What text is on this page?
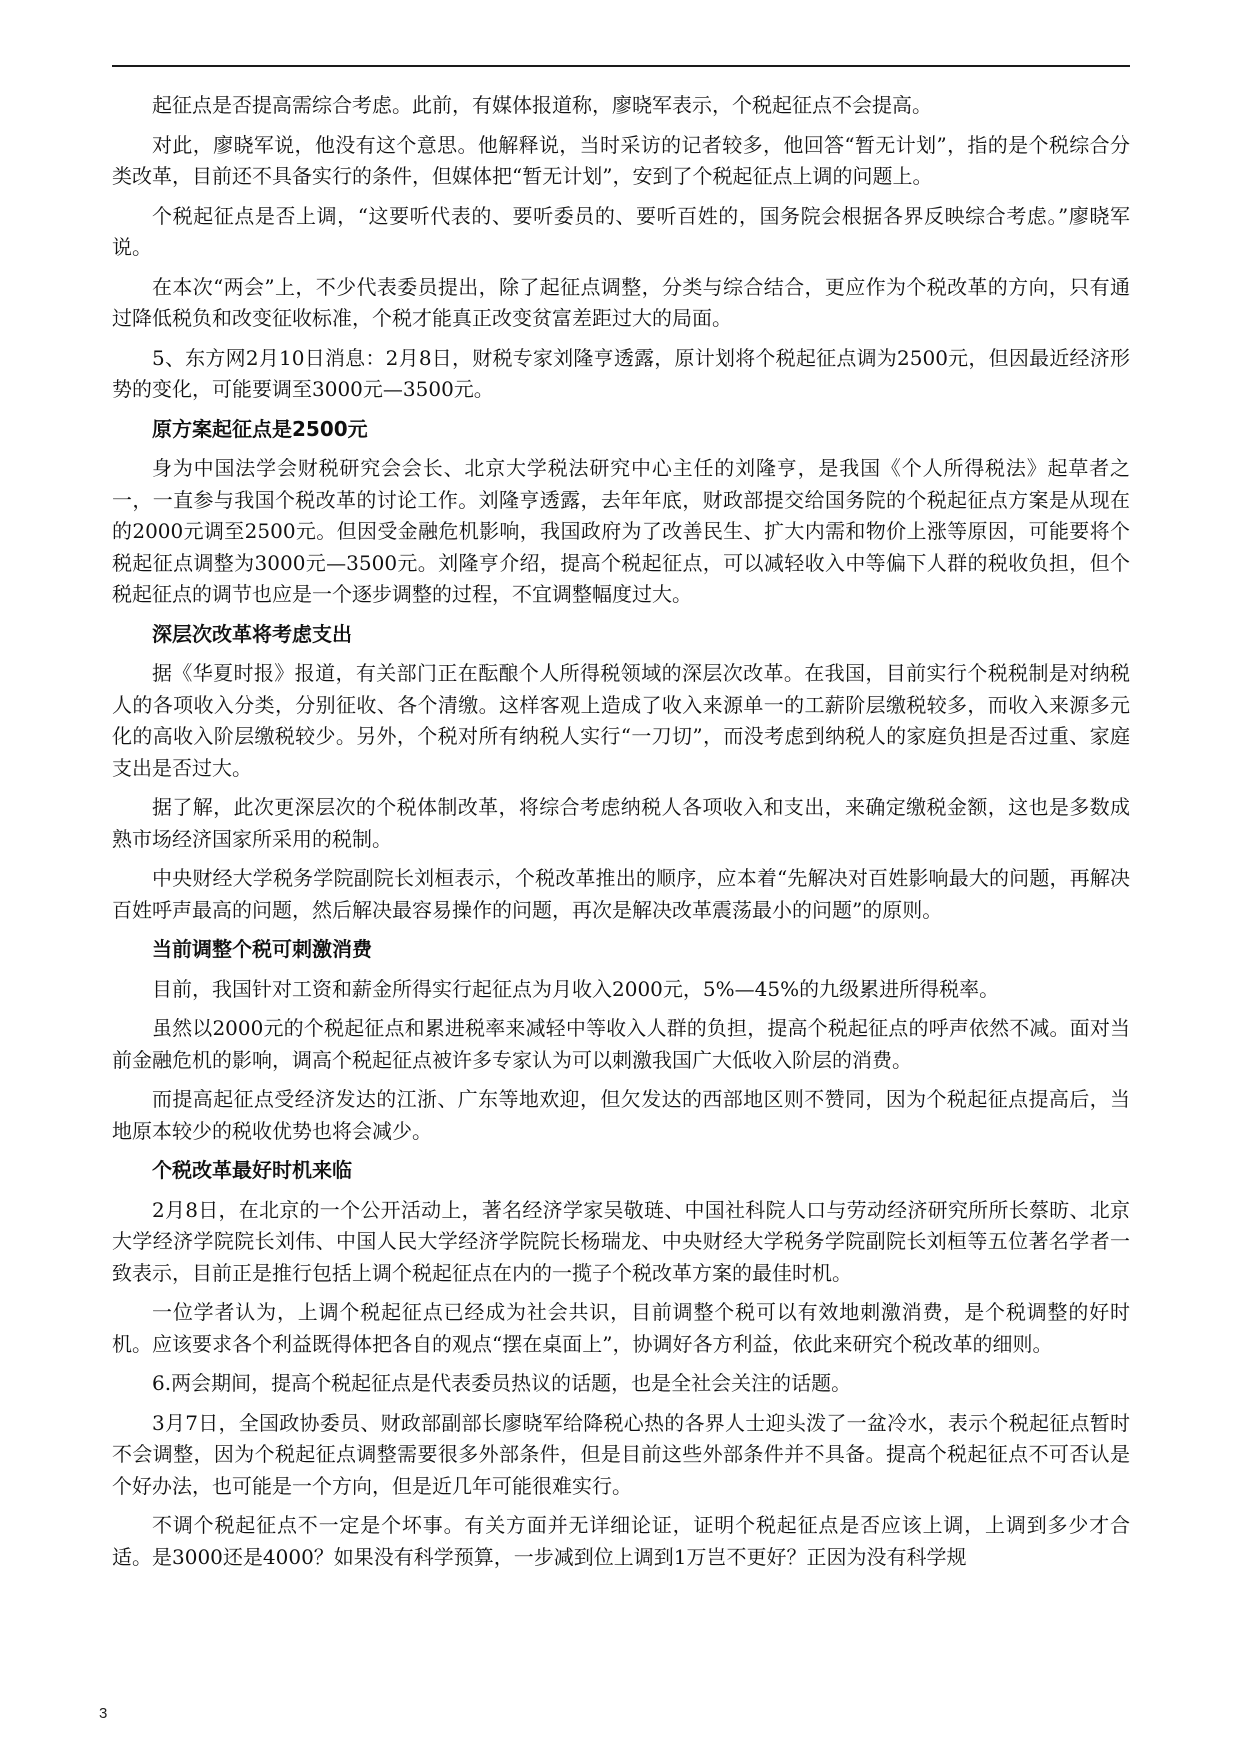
起征点是否提高需综合考虑。此前，有媒体报道称，廖晓军表示，个税起征点不会提高。

对此，廖晓军说，他没有这个意思。他解释说，当时采访的记者较多，他回答“暂无计划”，指的是个税综合分类改革，目前还不具备实行的条件，但媒体把“暂无计划”，安到了个税起征点上调的问题上。

个税起征点是否上调，“这要听代表的、要听委员的、要听百姓的，国务院会根据各界反映综合考虑。”廖晓军说。

在本次“两会”上，不少代表委员提出，除了起征点调整，分类与综合结合，更应作为个税改革的方向，只有通过降低税负和改变征收标准，个税才能真正改变贫富差距过大的局面。

5、东方网2月10日消息：2月8日，财税专家刘隆亨透露，原计划将个税起征点调为2500元，但因最近经济形势的变化，可能要调至3000元—3500元。

原方案起征点是2500元

身为中国法学会财税研究会会长、北京大学税法研究中心主任的刘隆亨，是我国《个人所得税法》起草者之一，一直参与我国个税改革的讨论工作。刘隆亨透露，去年年底，财政部提交给国务院的个税起征点方案是从现在的2000元调至2500元。但因受金融危机影响，我国政府为了改善民生、扩大内需和物价上涨等原因，可能要将个税起征点调整为3000元—3500元。刘隆亨介绍，提高个税起征点，可以减轻收入中等偏下人群的税收负担，但个税起征点的调节也应是一个逐步调整的过程，不宜调整幅度过大。

深层次改革将考虑支出

据《华夏时报》报道，有关部门正在酝酿个人所得税领域的深层次改革。在我国，目前实行个税税制是对纳税人的各项收入分类，分别征收、各个清缴。这样客观上造成了收入来源单一的工薪阶层缴税较多，而收入来源多元化的高收入阶层缴税较少。另外，个税对所有纳税人实行“一刀切”，而没考虑到纳税人的家庭负担是否过重、家庭支出是否过大。

据了解，此次更深层次的个税体制改革，将综合考虑纳税人各项收入和支出，来确定缴税金额，这也是多数成熟市场经济国家所采用的税制。

中央财经大学税务学院副院长刘桓表示，个税改革推出的顺序，应本着“先解决对百姓影响最大的问题，再解决百姓呼声最高的问题，然后解决最容易操作的问题，再次是解决改革震荡最小的问题”的原则。

当前调整个税可刺激消费

目前，我国针对工资和薪金所得实行起征点为月收入2000元，5%—45%的九级累进所得税率。

虽然以2000元的个税起征点和累进税率来减轻中等收入人群的负担，提高个税起征点的呼声依然不减。面对当前金融危机的影响，调高个税起征点被许多专家认为可以刺激我国广大低收入阶层的消费。

而提高起征点受经济发达的江浙、广东等地欢迎，但欠发达的西部地区则不赞同，因为个税起征点提高后，当地原本较少的税收优势也将会减少。

个税改革最好时机来临

2月8日，在北京的一个公开活动上，著名经济学家吴敬琏、中国社科院人口与劳动经济研究所所长蔡昉、北京大学经济学院院长刘伟、中国人民大学经济学院院长杨瑞龙、中央财经大学税务学院副院长刘桓等五位著名学者一致表示，目前正是推行包括上调个税起征点在内的一揽子个税改革方案的最佳时机。

一位学者认为，上调个税起征点已经成为社会共识，目前调整个税可以有效地刺激消费，是个税调整的好时机。应该要求各个利益既得体把各自的观点“摆在桌面上”，协调好各方利益，依此来研究个税改革的细则。

6.两会期间，提高个税起征点是代表委员热议的话题，也是全社会关注的话题。

3月7日，全国政协委员、财政部副部长廖晓军给降税心热的各界人士迎头泼了一盆冷水，表示个税起征点暂时不会调整，因为个税起征点调整需要很多外部条件，但是目前这些外部条件并不具备。提高个税起征点不可否认是个好办法，也可能是一个方向，但是近几年可能很难实行。

不调个税起征点不一定是个坏事。有关方面并无详细论证，证明个税起征点是否应该上调，上调到多少才合适。是3000还是4000？如果没有科学预算，一步减到位上调到1万岂不更好？正因为没有科学规

3
